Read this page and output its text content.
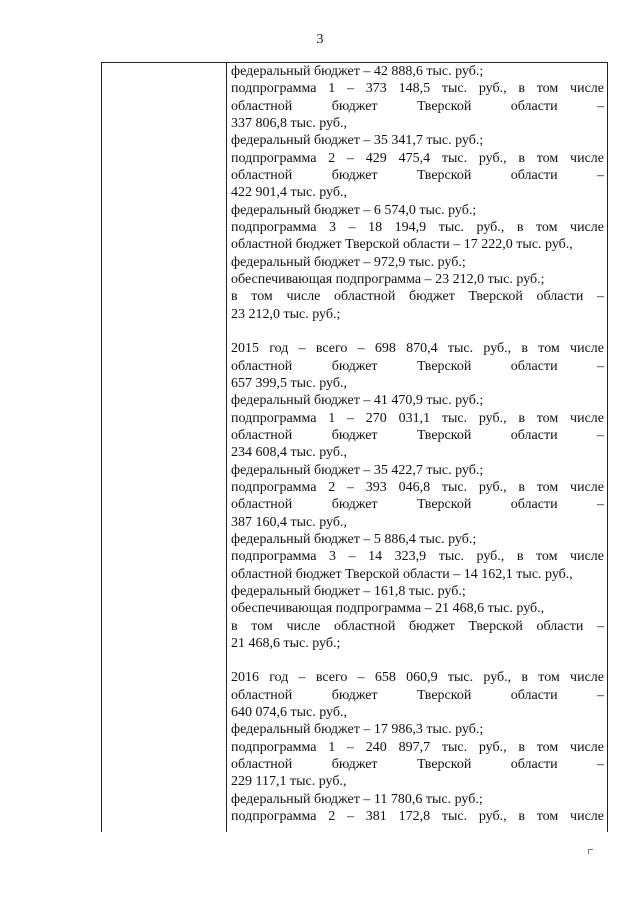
3
федеральный бюджет – 42 888,6 тыс. руб.;
подпрограмма 1 – 373 148,5 тыс. руб., в том числе
областной бюджет Тверской области –
337 806,8 тыс. руб.,
федеральный бюджет – 35 341,7 тыс. руб.;
подпрограмма 2 – 429 475,4 тыс. руб., в том числе
областной бюджет Тверской области –
422 901,4 тыс. руб.,
федеральный бюджет – 6 574,0 тыс. руб.;
подпрограмма 3 – 18 194,9 тыс. руб., в том числе
областной бюджет Тверской области – 17 222,0 тыс. руб.,
федеральный бюджет – 972,9 тыс. руб.;
обеспечивающая подпрограмма – 23 212,0 тыс. руб.;
в том числе областной бюджет Тверской области –
23 212,0 тыс. руб.;
2015 год – всего – 698 870,4 тыс. руб., в том числе
областной бюджет Тверской области –
657 399,5 тыс. руб.,
федеральный бюджет – 41 470,9 тыс. руб.;
подпрограмма 1 – 270 031,1 тыс. руб., в том числе
областной бюджет Тверской области –
234 608,4 тыс. руб.,
федеральный бюджет – 35 422,7 тыс. руб.;
подпрограмма 2 – 393 046,8 тыс. руб., в том числе
областной бюджет Тверской области –
387 160,4 тыс. руб.,
федеральный бюджет – 5 886,4 тыс. руб.;
подпрограмма 3 – 14 323,9 тыс. руб., в том числе
областной бюджет Тверской области – 14 162,1 тыс. руб.,
федеральный бюджет – 161,8 тыс. руб.;
обеспечивающая подпрограмма – 21 468,6 тыс. руб.,
в том числе областной бюджет Тверской области –
21 468,6 тыс. руб.;
2016 год – всего – 658 060,9 тыс. руб., в том числе
областной бюджет Тверской области –
640 074,6 тыс. руб.,
федеральный бюджет – 17 986,3 тыс. руб.;
подпрограмма 1 – 240 897,7 тыс. руб., в том числе
областной бюджет Тверской области –
229 117,1 тыс. руб.,
федеральный бюджет – 11 780,6 тыс. руб.;
подпрограмма 2 – 381 172,8 тыс. руб., в том числе
